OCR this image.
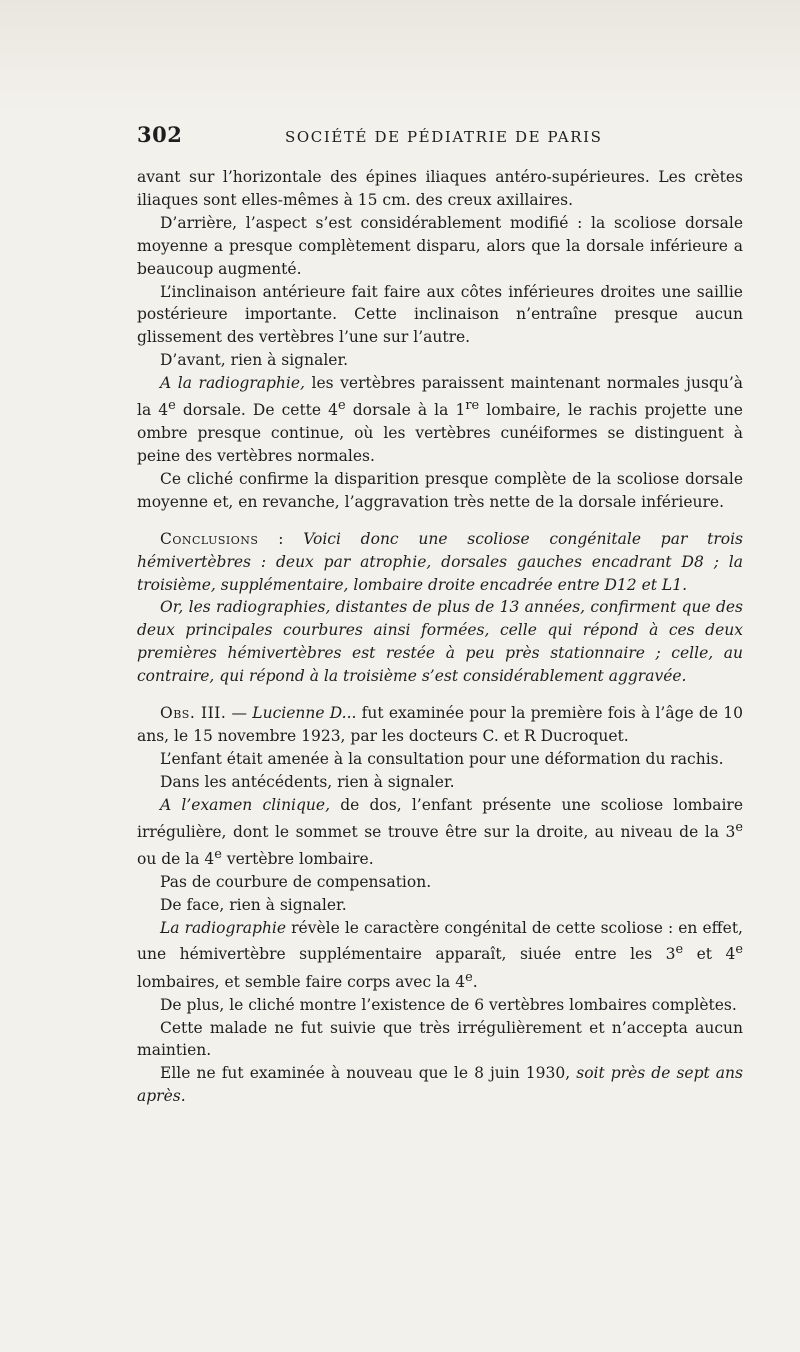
302	SOCIÉTÉ DE PÉDIATRIE DE PARIS

avant sur l’horizontale des épines iliaques antéro-supérieures. Les crètes iliaques sont elles-mêmes à 15 cm. des creux axillaires.

D’arrière, l’aspect s’est considérablement modifié : la scoliose dorsale moyenne a presque complètement disparu, alors que la dorsale inférieure a beaucoup augmenté.

L’inclinaison antérieure fait faire aux côtes inférieures droites une saillie postérieure importante. Cette inclinaison n’entraîne presque aucun glissement des vertèbres l’une sur l’autre.

D’avant, rien à signaler.

A la radiographie, les vertèbres paraissent maintenant normales jusqu’à la 4e dorsale. De cette 4e dorsale à la 1re lombaire, le rachis projette une ombre presque continue, où les vertèbres cunéiformes se distinguent à peine des vertèbres normales.

Ce cliché confirme la disparition presque complète de la scoliose dorsale moyenne et, en revanche, l’aggravation très nette de la dorsale inférieure.

Conclusions : Voici donc une scoliose congénitale par trois hémivertèbres : deux par atrophie, dorsales gauches encadrant D8 ; la troisième, supplémentaire, lombaire droite encadrée entre D12 et L1.

Or, les radiographies, distantes de plus de 13 années, confirment que des deux principales courbures ainsi formées, celle qui répond à ces deux premières hémivertèbres est restée à peu près stationnaire ; celle, au contraire, qui répond à la troisième s’est considérablement aggravée.

Obs. III. — Lucienne D... fut examinée pour la première fois à l’âge de 10 ans, le 15 novembre 1923, par les docteurs C. et R Ducroquet.

L’enfant était amenée à la consultation pour une déformation du rachis.

Dans les antécédents, rien à signaler.

A l’examen clinique, de dos, l’enfant présente une scoliose lombaire irrégulière, dont le sommet se trouve être sur la droite, au niveau de la 3e ou de la 4e vertèbre lombaire.

Pas de courbure de compensation.

De face, rien à signaler.

La radiographie révèle le caractère congénital de cette scoliose : en effet, une hémivertèbre supplémentaire apparaît, siuée entre les 3e et 4e lombaires, et semble faire corps avec la 4e.

De plus, le cliché montre l’existence de 6 vertèbres lombaires complètes.

Cette malade ne fut suivie que très irrégulièrement et n’accepta aucun maintien.

Elle ne fut examinée à nouveau que le 8 juin 1930, soit près de sept ans après.
